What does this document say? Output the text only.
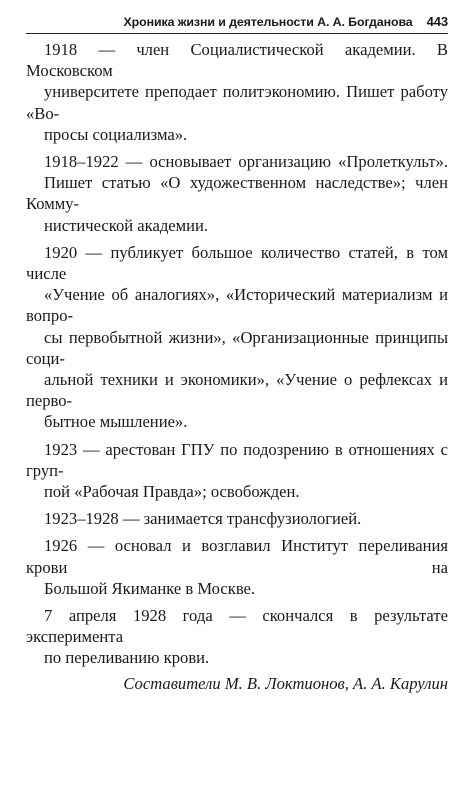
Хроника жизни и деятельности А. А. Богданова 443

1918 — член Социалистической академии. В Московском
университете преподает политэкономию. Пишет работу «Во-
просы социализма».

1918–1922 — основывает организацию «Пролеткульт».
Пишет статью «О художественном наследстве»; член Комму-
нистической академии.

1920 — публикует большое количество статей, в том числе
«Учение об аналогиях», «Исторический материализм и вопро-
сы первобытной жизни», «Организационные принципы соци-
альной техники и экономики», «Учение о рефлексах и перво-
бытное мышление».

1923 — арестован ГПУ по подозрению в отношениях с груп-
пой «Рабочая Правда»; освобожден.

1923–1928 — занимается трансфузиологией.

1926 — основал и возглавил Институт переливания крови на
Большой Якиманке в Москве.

7 апреля 1928 года — скончался в результате эксперимента
по переливанию крови.

Составители М. В. Локтионов, А. А. Карулин
